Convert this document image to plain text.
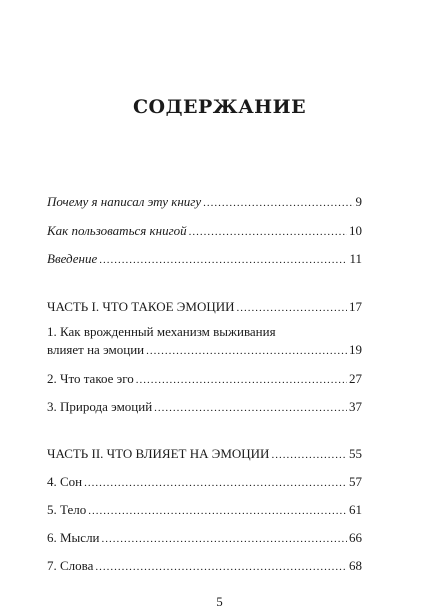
СОДЕРЖАНИЕ
Почему я написал эту книгу .....	9
Как пользоваться книгой .....	10
Введение .....	11
ЧАСТЬ I. ЧТО ТАКОЕ ЭМОЦИИ .....	17
1. Как врожденный механизм выживания
влияет на эмоции .....	19
2. Что такое эго .....	27
3. Природа эмоций .....	37
ЧАСТЬ II. ЧТО ВЛИЯЕТ НА ЭМОЦИИ .....	55
4. Сон .....	57
5. Тело .....	61
6. Мысли .....	66
7. Слова .....	68
5
